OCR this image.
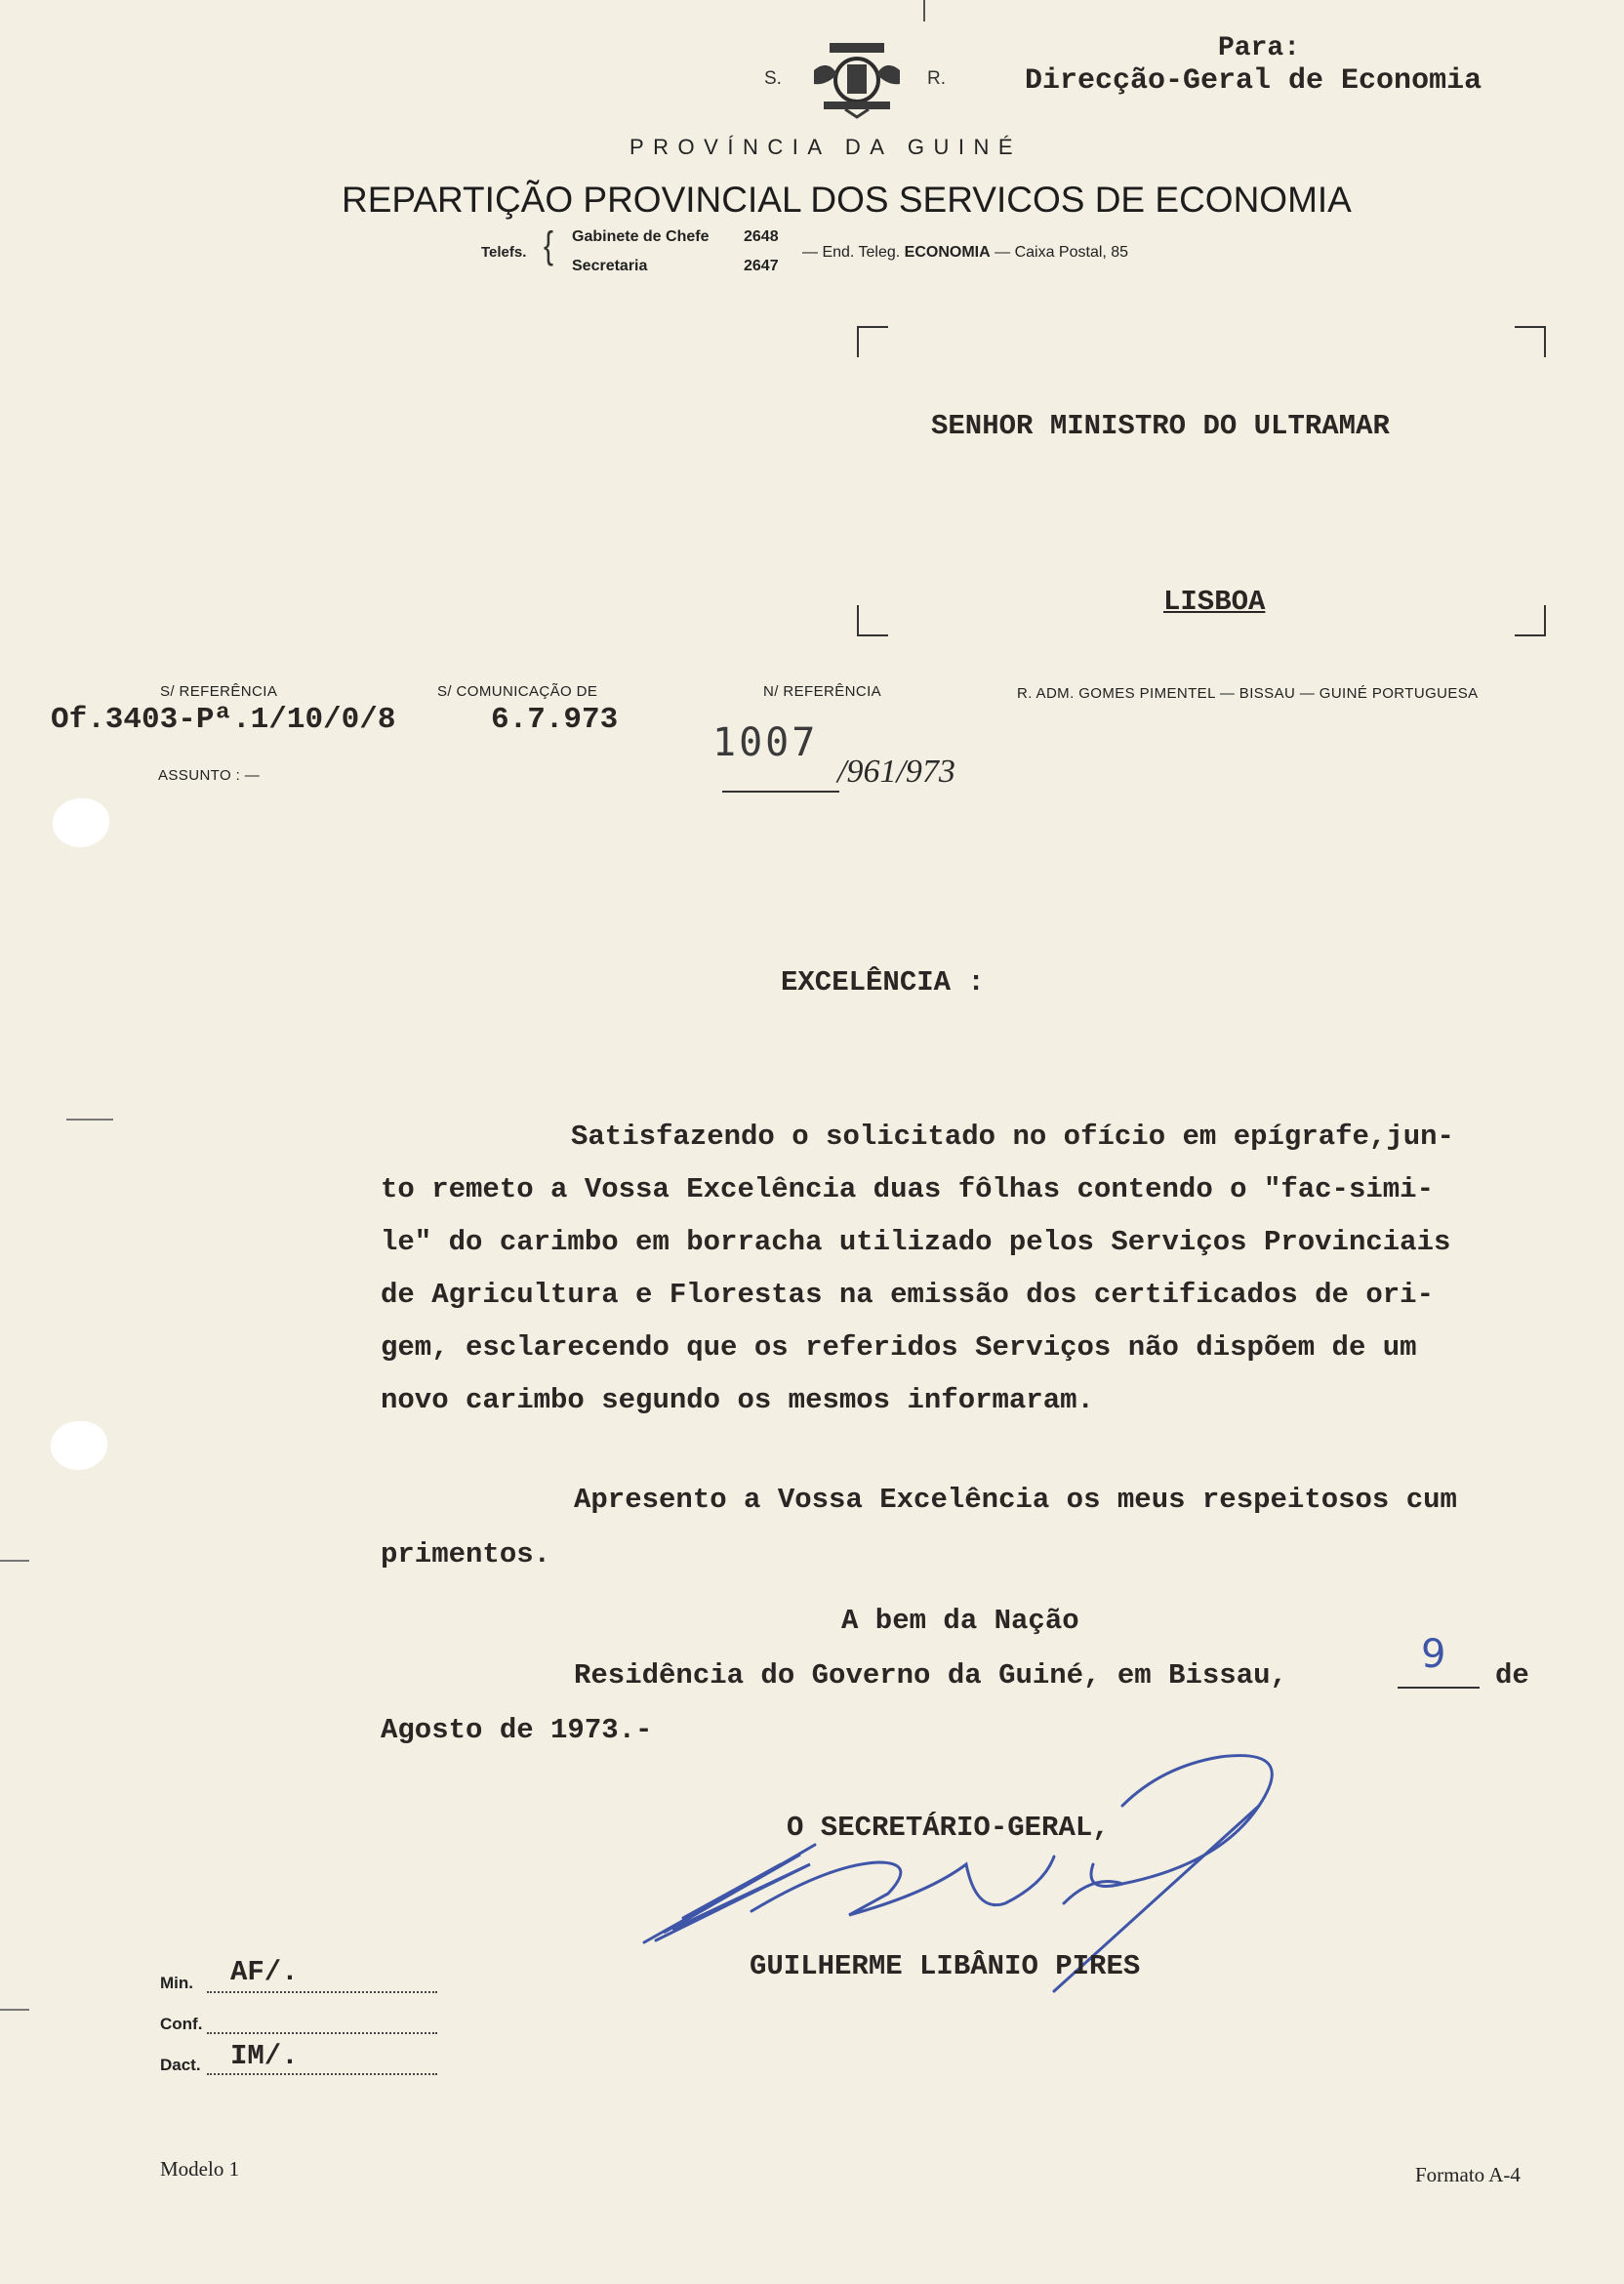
Para:

Direcção-Geral de Economia

S.	R.

PROVÍNCIA DA GUINÉ

REPARTIÇÃO PROVINCIAL DOS SERVICOS DE ECONOMIA

Telefs. { Gabinete de Chefe 2648

Secretaria	2647

— End. Teleg. ECONOMIA — Caixa Postal, 85

SENHOR MINISTRO DO ULTRAMAR

LISBOA

S/ REFERÊNCIA

Of.3403-Pª.1/10/0/8

S/ COMUNICAÇÃO DE

6.7.973

N/ REFERÊNCIA

1007

/961/973

R. ADM. GOMES PIMENTEL — BISSAU — GUINÉ PORTUGUESA

ASSUNTO : —

EXCELÊNCIA :

Satisfazendo o solicitado no ofício em epígrafe,jun-

to remeto a Vossa Excelência duas fôlhas contendo o "fac-simi-

le" do carimbo em borracha utilizado pelos Serviços Provinciais

de Agricultura e Florestas na emissão dos certificados de ori-

gem, esclarecendo que os referidos Serviços não dispõem de um

novo carimbo segundo os mesmos informaram.

Apresento a Vossa Excelência os meus respeitosos cum

primentos.

A bem da Nação

Residência do Governo da Guiné, em Bissau,	9 de

Agosto de 1973.-

O SECRETÁRIO-GERAL,

GUILHERME LIBÂNIO PIRES

Min. AF/.

Conf.

Dact. IM/.

Modelo 1	Formato A-4
